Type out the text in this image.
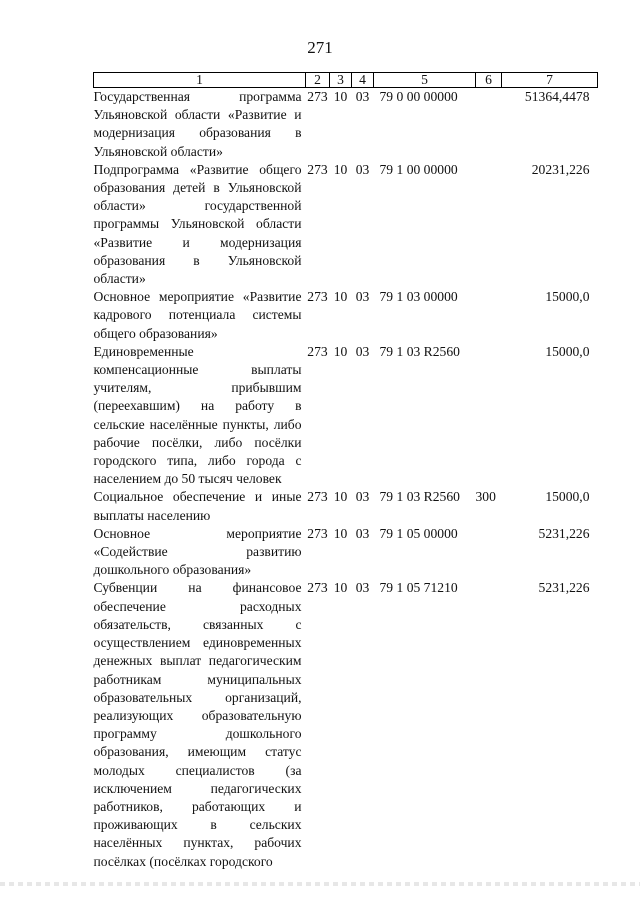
271
1	2	3	4	5	6	7
Государственная программа Ульяновской области «Развитие и модернизация образования в Ульяновской области»	273	10	03	79 0 00 00000		51364,4478
Подпрограмма «Развитие общего образования детей в Ульяновской области» государственной программы Ульяновской области «Развитие и модернизация образования в Ульяновской области»	273	10	03	79 1 00 00000		20231,226
Основное мероприятие «Развитие кадрового потенциала системы общего образования»	273	10	03	79 1 03 00000		15000,0
Единовременные компенсационные выплаты учителям, прибывшим (переехавшим) на работу в сельские населённые пункты, либо рабочие посёлки, либо посёлки городского типа, либо города с населением до 50 тысяч человек	273	10	03	79 1 03 R2560		15000,0
Социальное обеспечение и иные выплаты населению	273	10	03	79 1 03 R2560	300	15000,0
Основное мероприятие «Содействие развитию дошкольного образования»	273	10	03	79 1 05 00000		5231,226
Субвенции на финансовое обеспечение расходных обязательств, связанных с осуществлением единовременных денежных выплат педагогическим работникам муниципальных образовательных организаций, реализующих образовательную программу дошкольного образования, имеющим статус молодых специалистов (за исключением педагогических работников, работающих и проживающих в сельских населённых пунктах, рабочих посёлках (посёлках городского	273	10	03	79 1 05 71210		5231,226
